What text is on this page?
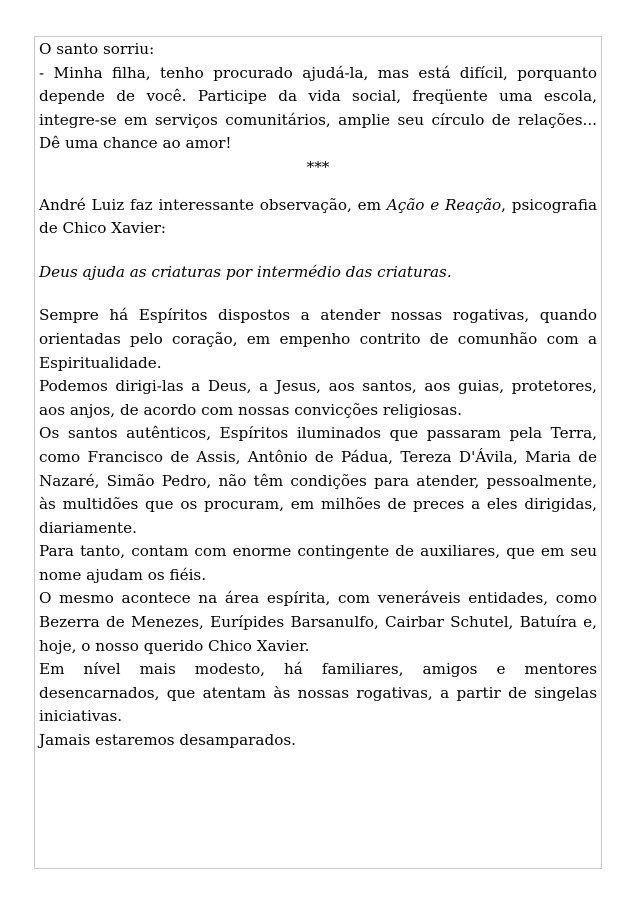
O santo sorriu:

- Minha filha, tenho procurado ajudá-la, mas está difícil, porquanto depende de você. Participe da vida social, freqüente uma escola, integre-se em serviços comunitários, amplie seu círculo de relações... Dê uma chance ao amor!

***

André Luiz faz interessante observação, em Ação e Reação, psicografia de Chico Xavier:

Deus ajuda as criaturas por intermédio das criaturas.

Sempre há Espíritos dispostos a atender nossas rogativas, quando orientadas pelo coração, em empenho contrito de comunhão com a Espiritualidade.

Podemos dirigi-las a Deus, a Jesus, aos santos, aos guias, protetores, aos anjos, de acordo com nossas convicções religiosas.

Os santos autênticos, Espíritos iluminados que passaram pela Terra, como Francisco de Assis, Antônio de Pádua, Tereza D'Ávila, Maria de Nazaré, Simão Pedro, não têm condições para atender, pessoalmente, às multidões que os procuram, em milhões de preces a eles dirigidas, diariamente.

Para tanto, contam com enorme contingente de auxiliares, que em seu nome ajudam os fiéis.

O mesmo acontece na área espírita, com veneráveis entidades, como Bezerra de Menezes, Eurípides Barsanulfo, Cairbar Schutel, Batuíra e, hoje, o nosso querido Chico Xavier.

Em nível mais modesto, há familiares, amigos e mentores desencarnados, que atentam às nossas rogativas, a partir de singelas iniciativas.

Jamais estaremos desamparados.
